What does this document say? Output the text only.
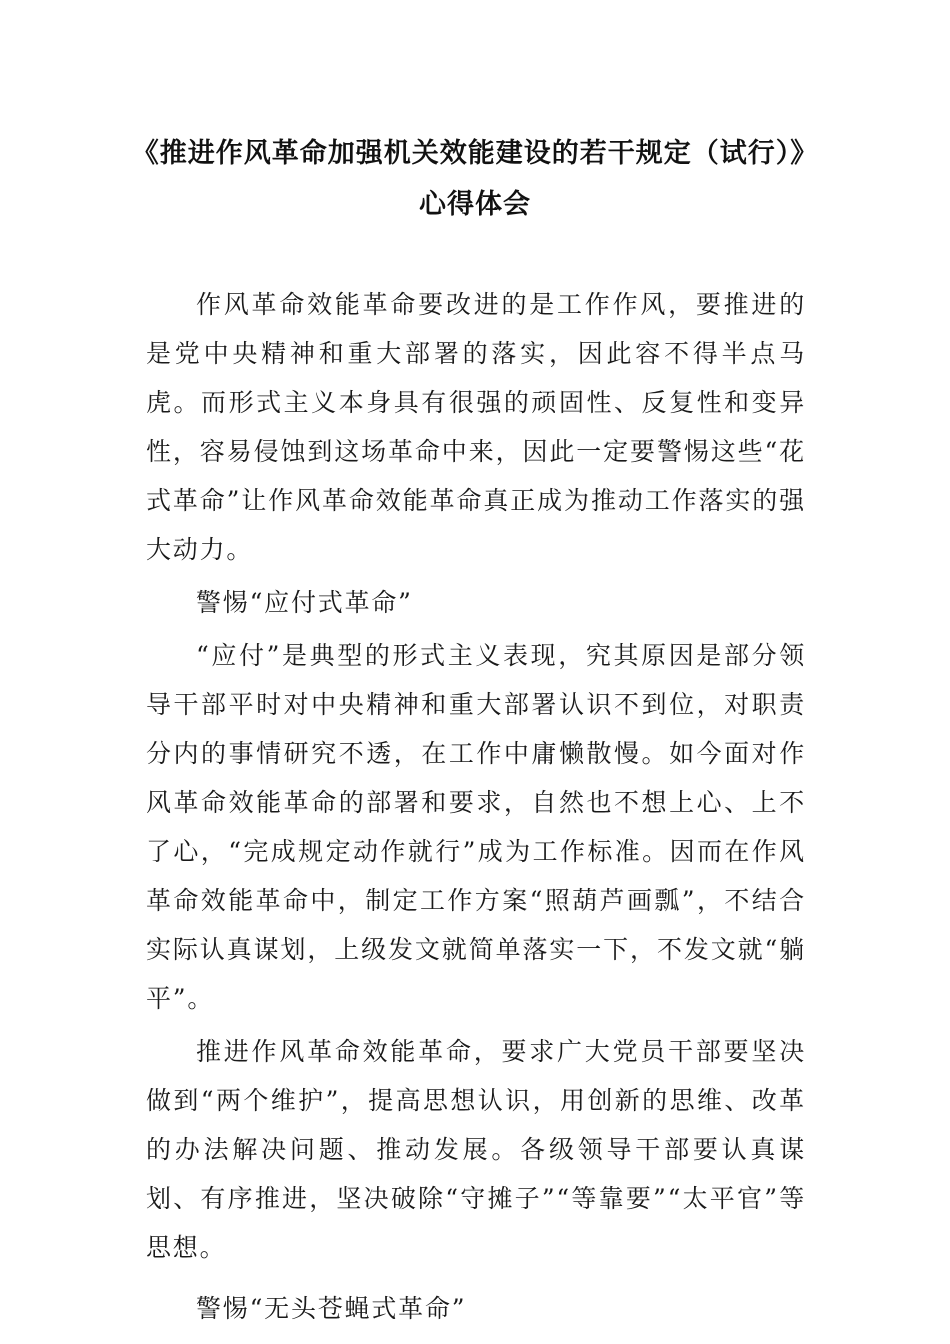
《推进作风革命加强机关效能建设的若干规定（试行）》心得体会

作风革命效能革命要改进的是工作作风，要推进的是党中央精神和重大部署的落实，因此容不得半点马虎。而形式主义本身具有很强的顽固性、反复性和变异性，容易侵蚀到这场革命中来，因此一定要警惕这些“花式革命”让作风革命效能革命真正成为推动工作落实的强大动力。

警惕“应付式革命”

“应付”是典型的形式主义表现，究其原因是部分领导干部平时对中央精神和重大部署认识不到位，对职责分内的事情研究不透，在工作中庸懒散慢。如今面对作风革命效能革命的部署和要求，自然也不想上心、上不了心，“完成规定动作就行”成为工作标准。因而在作风革命效能革命中，制定工作方案“照葫芦画瓢”，不结合实际认真谋划，上级发文就简单落实一下，不发文就“躺平”。

推进作风革命效能革命，要求广大党员干部要坚决做到“两个维护”，提高思想认识，用创新的思维、改革的办法解决问题、推动发展。各级领导干部要认真谋划、有序推进，坚决破除“守摊子”“等靠要”“太平官”等思想。

警惕“无头苍蝇式革命”
